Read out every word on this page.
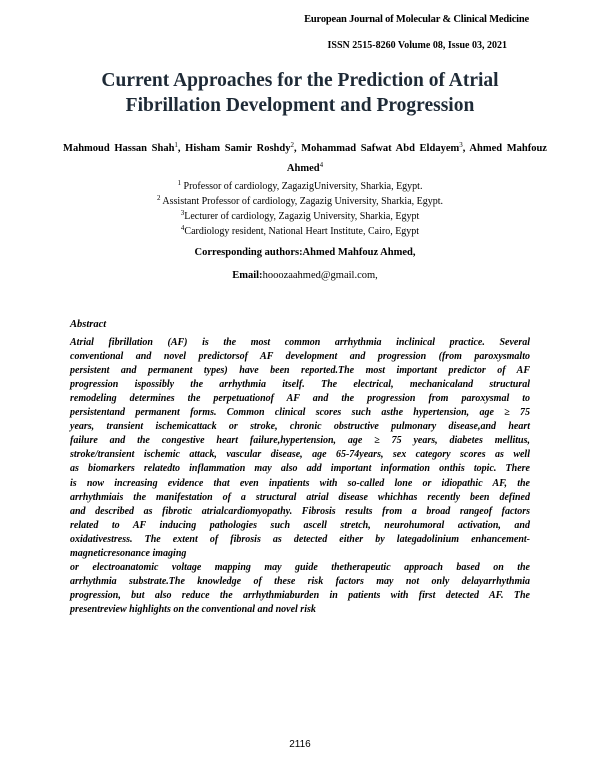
European Journal of Molecular & Clinical Medicine
ISSN 2515-8260 Volume 08, Issue 03, 2021
Current Approaches for the Prediction of Atrial
Fibrillation Development and Progression
Mahmoud Hassan Shah$^1$, Hisham Samir Roshdy$^2$, Mohammad Safwat Abd Eldayem$^3$, Ahmed Mahfouz Ahmed$^4$
$^1$ Professor of cardiology, ZagazigUniversity, Sharkia, Egypt.
$^2$ Assistant Professor of cardiology, Zagazig University, Sharkia, Egypt.
$^3$Lecturer of cardiology, Zagazig University, Sharkia, Egypt
$^4$Cardiology resident, National Heart Institute, Cairo, Egypt
Corresponding authors:Ahmed Mahfouz Ahmed,
Email:hooozaahmed@gmail.com,
Abstract
Atrial fibrillation (AF) is the most common arrhythmia inclinical practice. Several
conventional and novel predictorsof AF development and progression (from paroxysmalto
persistent and permanent types) have been reported.The most important predictor of AF
progression ispossibly the arrhythmia itself. The electrical, mechanicaland structural
remodeling determines the perpetuationof AF and the progression from paroxysmal to
persistentand permanent forms. Common clinical scores such asthe hypertension, age ≥ 75
years, transient ischemicattack or stroke, chronic obstructive pulmonary disease,and heart
failure and the congestive heart failure,hypertension, age ≥ 75 years, diabetes mellitus,
stroke/transient ischemic attack, vascular disease, age 65-74years, sex category scores as well
as biomarkers relatedto inflammation may also add important information onthis topic. There
is now increasing evidence that even inpatients with so-called lone or idiopathic AF, the
arrhythmiais the manifestation of a structural atrial disease whichhas recently been defined
and described as fibrotic atrialcardiomyopathy. Fibrosis results from a broad rangeof factors
related to AF inducing pathologies such ascell stretch, neurohumoral activation, and
oxidativestress. The extent of fibrosis as detected either by lategadolinium enhancement-
magneticresonance imaging
or electroanatomic voltage mapping may guide thetherapeutic approach based on the
arrhythmia substrate.The knowledge of these risk factors may not only delayarrhythmia
progression, but also reduce the arrhythmiaburden in patients with first detected AF. The
presentreview highlights on the conventional and novel risk
2116
